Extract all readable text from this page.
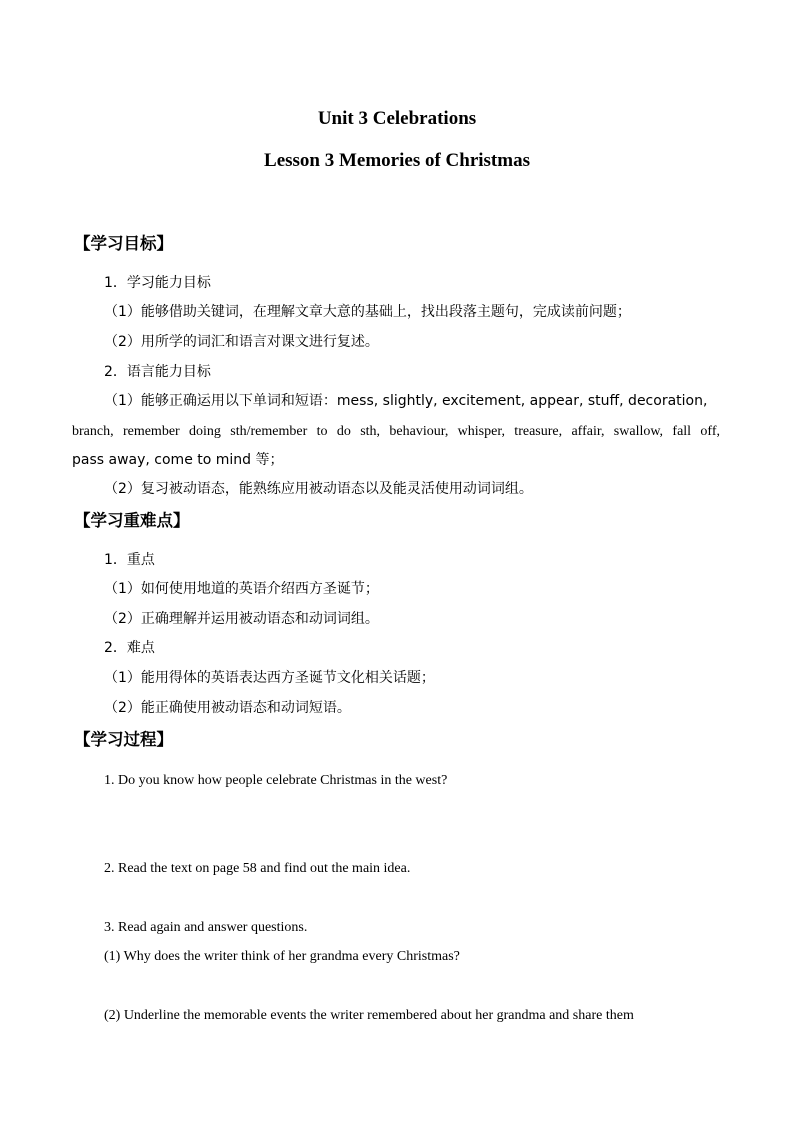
Unit 3 Celebrations
Lesson 3 Memories of Christmas
【学习目标】
1．学习能力目标
（1）能够借助关键词，在理解文章大意的基础上，找出段落主题句，完成读前问题；
（2）用所学的词汇和语言对课文进行复述。
2．语言能力目标
（1）能够正确运用以下单词和短语：mess, slightly, excitement, appear, stuff, decoration,
branch, remember doing sth/remember to do sth, behaviour, whisper, treasure, affair, swallow, fall off,
pass away, come to mind 等；
（2）复习被动语态，能熟练应用被动语态以及能灵活使用动词词组。
【学习重难点】
1．重点
（1）如何使用地道的英语介绍西方圣诞节；
（2）正确理解并运用被动语态和动词词组。
2．难点
（1）能用得体的英语表达西方圣诞节文化相关话题；
（2）能正确使用被动语态和动词短语。
【学习过程】
1. Do you know how people celebrate Christmas in the west?
2. Read the text on page 58 and find out the main idea.
3. Read again and answer questions.
(1) Why does the writer think of her grandma every Christmas?
(2) Underline the memorable events the writer remembered about her grandma and share them
